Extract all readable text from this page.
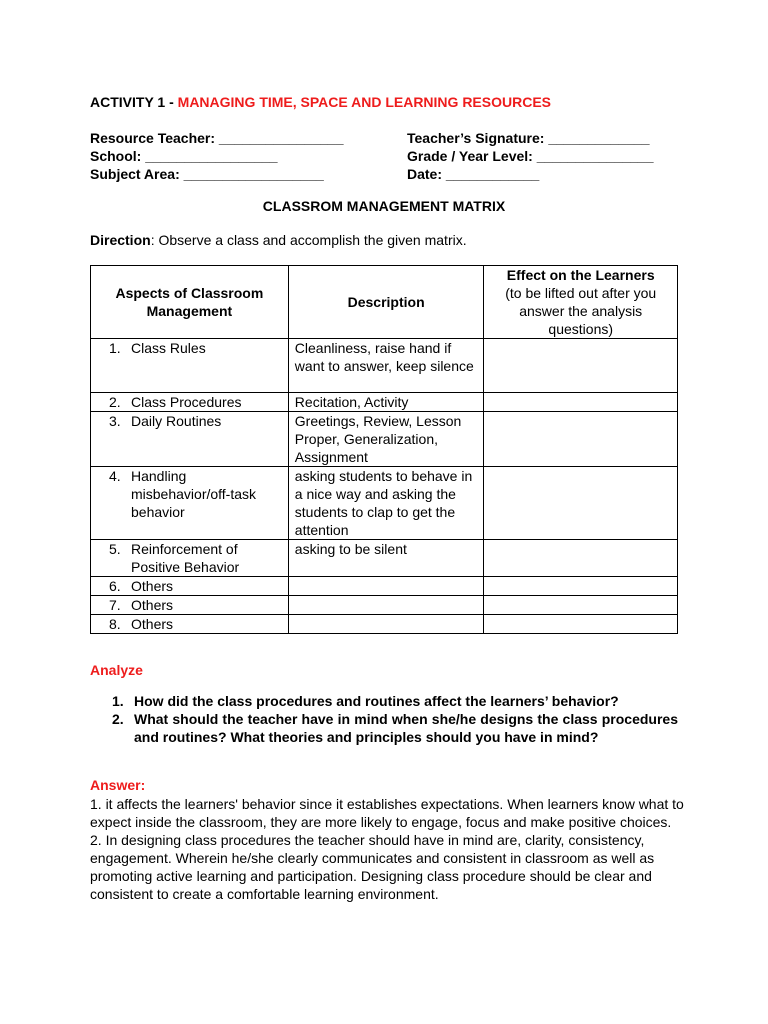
ACTIVITY 1 - MANAGING TIME, SPACE AND LEARNING RESOURCES
Resource Teacher: ________________
School: _________________
Subject Area: __________________
Teacher’s Signature: _____________
Grade / Year Level: _______________
Date: ____________
CLASSROM MANAGEMENT MATRIX
Direction: Observe a class and accomplish the given matrix.
Aspects of Classroom Management	Description	Effect on the Learners
(to be lifted out after you answer the analysis questions)

1. Class Rules	Cleanliness, raise hand if want to answer, keep silence	
2. Class Procedures	Recitation, Activity	
3. Daily Routines	Greetings, Review, Lesson Proper, Generalization, Assignment	

4. Handling misbehavior/off-task behavior	asking students to behave in a nice way and asking the students to clap to get the attention	

5. Reinforcement of Positive Behavior	asking to be silent	
6. Others		
7. Others		
8. Others		
Analyze
1. How did the class procedures and routines affect the learners’ behavior?
2. What should the teacher have in mind when she/he designs the class procedures and routines? What theories and principles should you have in mind?
Answer:
1. it affects the learners' behavior since it establishes expectations. When learners know what to expect inside the classroom, they are more likely to engage, focus and make positive choices.
2. In designing class procedures the teacher should have in mind are, clarity, consistency, engagement. Wherein he/she clearly communicates and consistent in classroom as well as promoting active learning and participation. Designing class procedure should be clear and consistent to create a comfortable learning environment.
